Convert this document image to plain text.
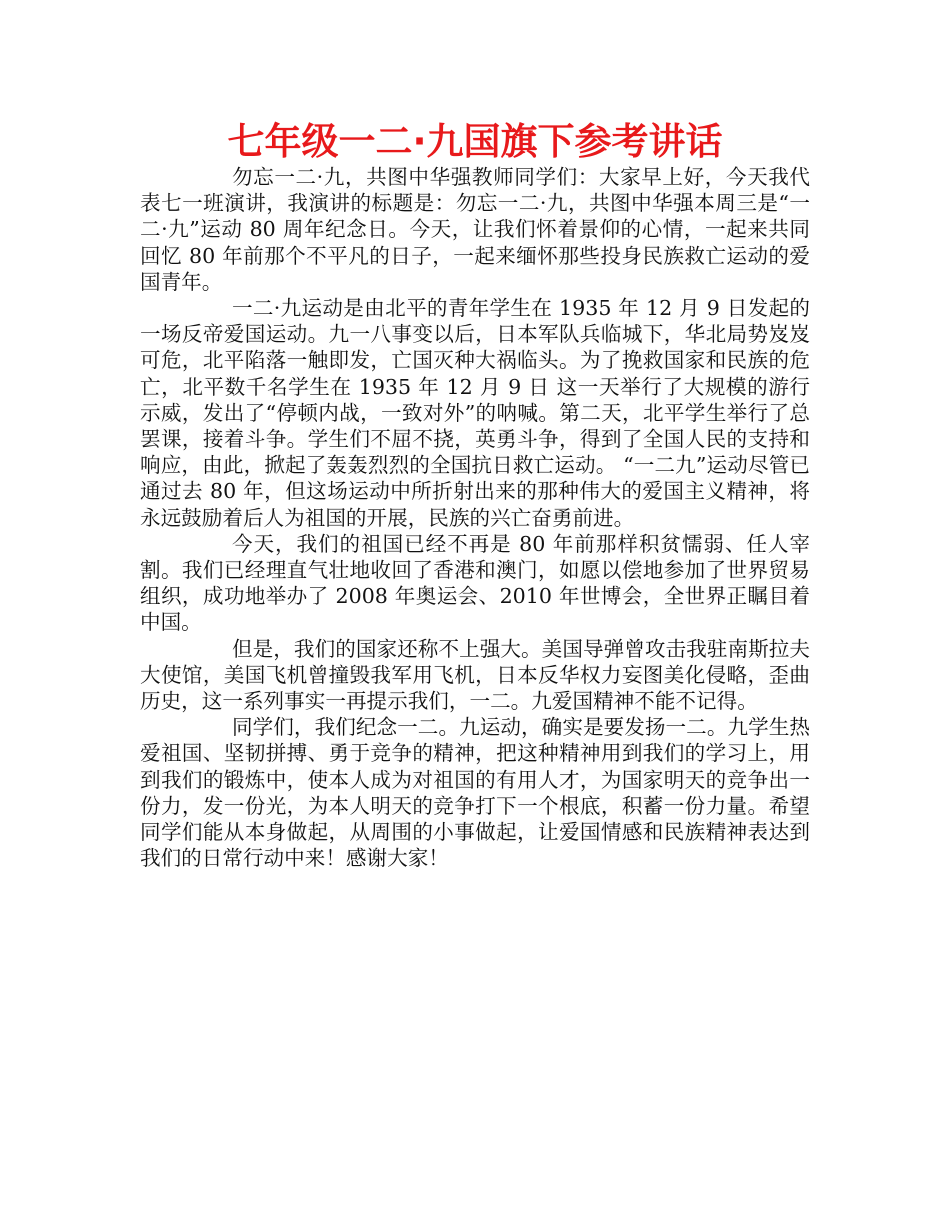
七年级一二·九国旗下参考讲话

勿忘一二·九，共图中华强教师同学们：大家早上好，今天我代表七一班演讲，我演讲的标题是：勿忘一二·九，共图中华强本周三是“一二·九”运动 80 周年纪念日。今天，让我们怀着景仰的心情，一起来共同回忆 80 年前那个不平凡的日子，一起来缅怀那些投身民族救亡运动的爱国青年。

一二·九运动是由北平的青年学生在 1935 年 12 月 9 日发起的一场反帝爱国运动。九一八事变以后，日本军队兵临城下，华北局势岌岌可危，北平陷落一触即发，亡国灭种大祸临头。为了挽救国家和民族的危亡，北平数千名学生在 1935 年 12 月 9 日 这一天举行了大规模的游行示威，发出了“停顿内战，一致对外”的呐喊。第二天，北平学生举行了总罢课，接着斗争。学生们不屈不挠，英勇斗争，得到了全国人民的支持和响应，由此，掀起了轰轰烈烈的全国抗日救亡运动。 “一二九”运动尽管已通过去 80 年，但这场运动中所折射出来的那种伟大的爱国主义精神，将永远鼓励着后人为祖国的开展，民族的兴亡奋勇前进。

今天，我们的祖国已经不再是 80 年前那样积贫懦弱、任人宰割。我们已经理直气壮地收回了香港和澳门，如愿以偿地参加了世界贸易组织，成功地举办了 2008 年奥运会、2010 年世博会，全世界正瞩目着中国。

但是，我们的国家还称不上强大。美国导弹曾攻击我驻南斯拉夫大使馆，美国飞机曾撞毁我军用飞机，日本反华权力妄图美化侵略，歪曲历史，这一系列事实一再提示我们，一二。九爱国精神不能不记得。

同学们，我们纪念一二。九运动，确实是要发扬一二。九学生热爱祖国、坚韧拼搏、勇于竞争的精神，把这种精神用到我们的学习上，用到我们的锻炼中，使本人成为对祖国的有用人才，为国家明天的竞争出一份力，发一份光，为本人明天的竞争打下一个根底，积蓄一份力量。希望同学们能从本身做起，从周围的小事做起，让爱国情感和民族精神表达到我们的日常行动中来！感谢大家！
